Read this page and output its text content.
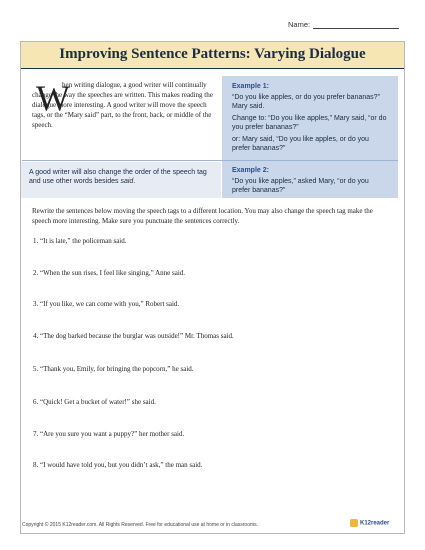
Name:
Improving Sentence Patterns: Varying Dialogue
W
hen writing dialogue, a good writer will continually change the way the speeches are written. This makes reading the dialogue more interesting. A good writer will move the speech tags, or the “Mary said” part, to the front, back, or middle of the speech.
Example 1:

“Do you like apples, or do you prefer bananas?” Mary said.

Change to: “Do you like apples,” Mary said, “or do you prefer bananas?”

or: Mary said, “Do you like apples, or do you prefer bananas?”

A good writer will also change the order of the speech tag and use other words besides said.
Example 2:

“Do you like apples,” asked Mary, “or do you prefer bananas?”

Rewrite the sentences below moving the speech tags to a different location. You may also change the speech tag make the speech more interesting. Make sure you punctuate the sentences correctly.
1. “It is late,” the policeman said.
2. “When the sun rises, I feel like singing,” Anne said.
3. “If you like, we can come with you,” Robert said.
4. “The dog barked because the burglar was outside!” Mr. Thomas said.
5. “Thank you, Emily, for bringing the popcorn,” he said.
6. “Quick! Get a bucket of water!” she said.
7. “Are you sure you want a puppy?” her mother said.
8. “I would have told you, but you didn’t ask,” the man said.
Copyright © 2015 K12reader.com. All Rights Reserved. Free for educational use at home or in classrooms.	K12reader
